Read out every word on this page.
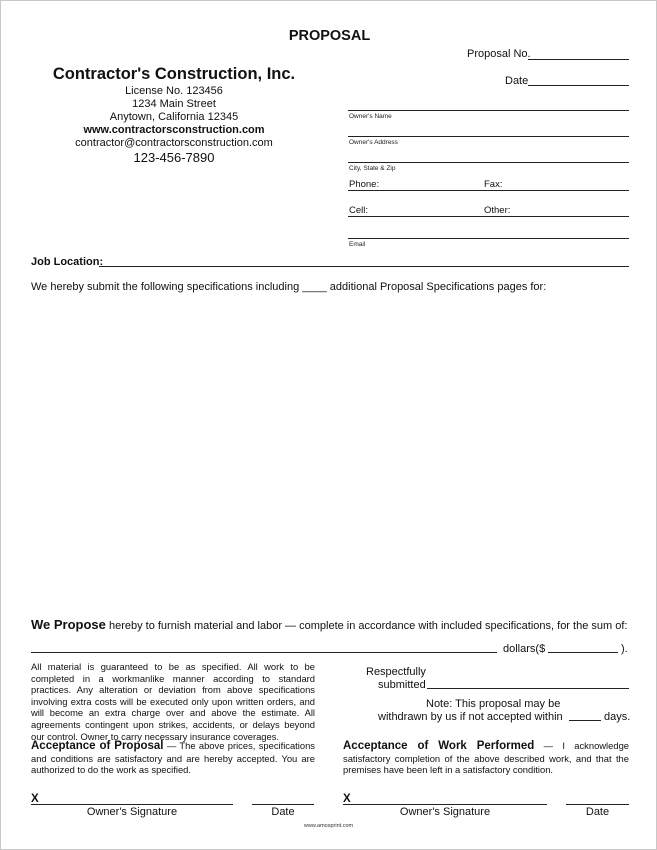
PROPOSAL
Proposal No.
Date
Contractor's Construction, Inc.
License No. 123456
1234 Main Street
Anytown, California 12345
www.contractorsconstruction.com
contractor@contractorsconstruction.com
123-456-7890
Owner's Name
Owner's Address
City, State & Zip
Phone:	Fax:
Cell:	Other:
Email
Job Location:
We hereby submit the following specifications including ____ additional Proposal Specifications pages for:
We Propose hereby to furnish material and labor — complete in accordance with included specifications, for the sum of:
dollars($	).
All material is guaranteed to be as specified. All work to be completed in a workmanlike manner according to standard practices. Any alteration or deviation from above specifications involving extra costs will be executed only upon written orders, and will become an extra charge over and above the estimate. All agreements contingent upon strikes, accidents, or delays beyond our control. Owner to carry necessary insurance coverages.
Respectfully
submitted
Note: This proposal may be
withdrawn by us if not accepted within	days.
Acceptance of Proposal — The above prices, specifications and conditions are satisfactory and are hereby accepted. You are authorized to do the work as specified.
Acceptance of Work Performed — I acknowledge satisfactory completion of the above described work, and that the premises have been left in a satisfactory condition.
X
Owner's Signature	Date
X
Owner's Signature	Date
www.amosprint.com
